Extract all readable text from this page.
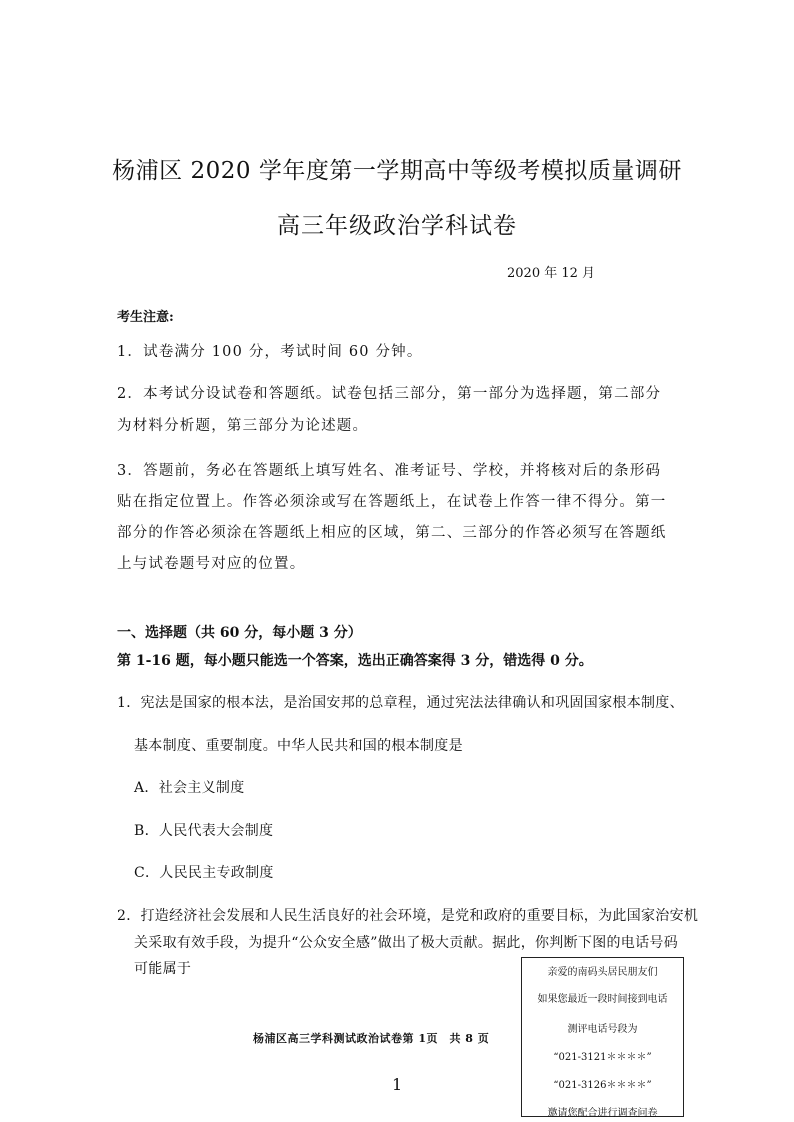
杨浦区 2020 学年度第一学期高中等级考模拟质量调研
高三年级政治学科试卷
2020 年 12 月
考生注意:
1．试卷满分 100 分，考试时间 60 分钟。
2．本考试分设试卷和答题纸。试卷包括三部分，第一部分为选择题，第二部分
为材料分析题，第三部分为论述题。
3．答题前，务必在答题纸上填写姓名、准考证号、学校，并将核对后的条形码
贴在指定位置上。作答必须涂或写在答题纸上，在试卷上作答一律不得分。第一
部分的作答必须涂在答题纸上相应的区域，第二、三部分的作答必须写在答题纸
上与试卷题号对应的位置。
一、选择题（共 60 分，每小题 3 分）
第 1-16 题，每小题只能选一个答案，选出正确答案得 3 分，错选得 0 分。
1．宪法是国家的根本法，是治国安邦的总章程，通过宪法法律确认和巩固国家根本制度、
基本制度、重要制度。中华人民共和国的根本制度是
A．社会主义制度
B．人民代表大会制度
C．人民民主专政制度
2．打造经济社会发展和人民生活良好的社会环境，是党和政府的重要目标，为此国家治安机
关采取有效手段，为提升“公众安全感”做出了极大贡献。据此，你判断下图的电话号码
可能属于	亲爱的南码头居民朋友们
如果您最近一段时间接到电话
测评电话号段为
“021-3121＊＊＊＊”
“021-3126＊＊＊＊”
邀请您配合进行调查问卷
杨浦区高三学科测试政治试卷第 1页　共 8 页
1
